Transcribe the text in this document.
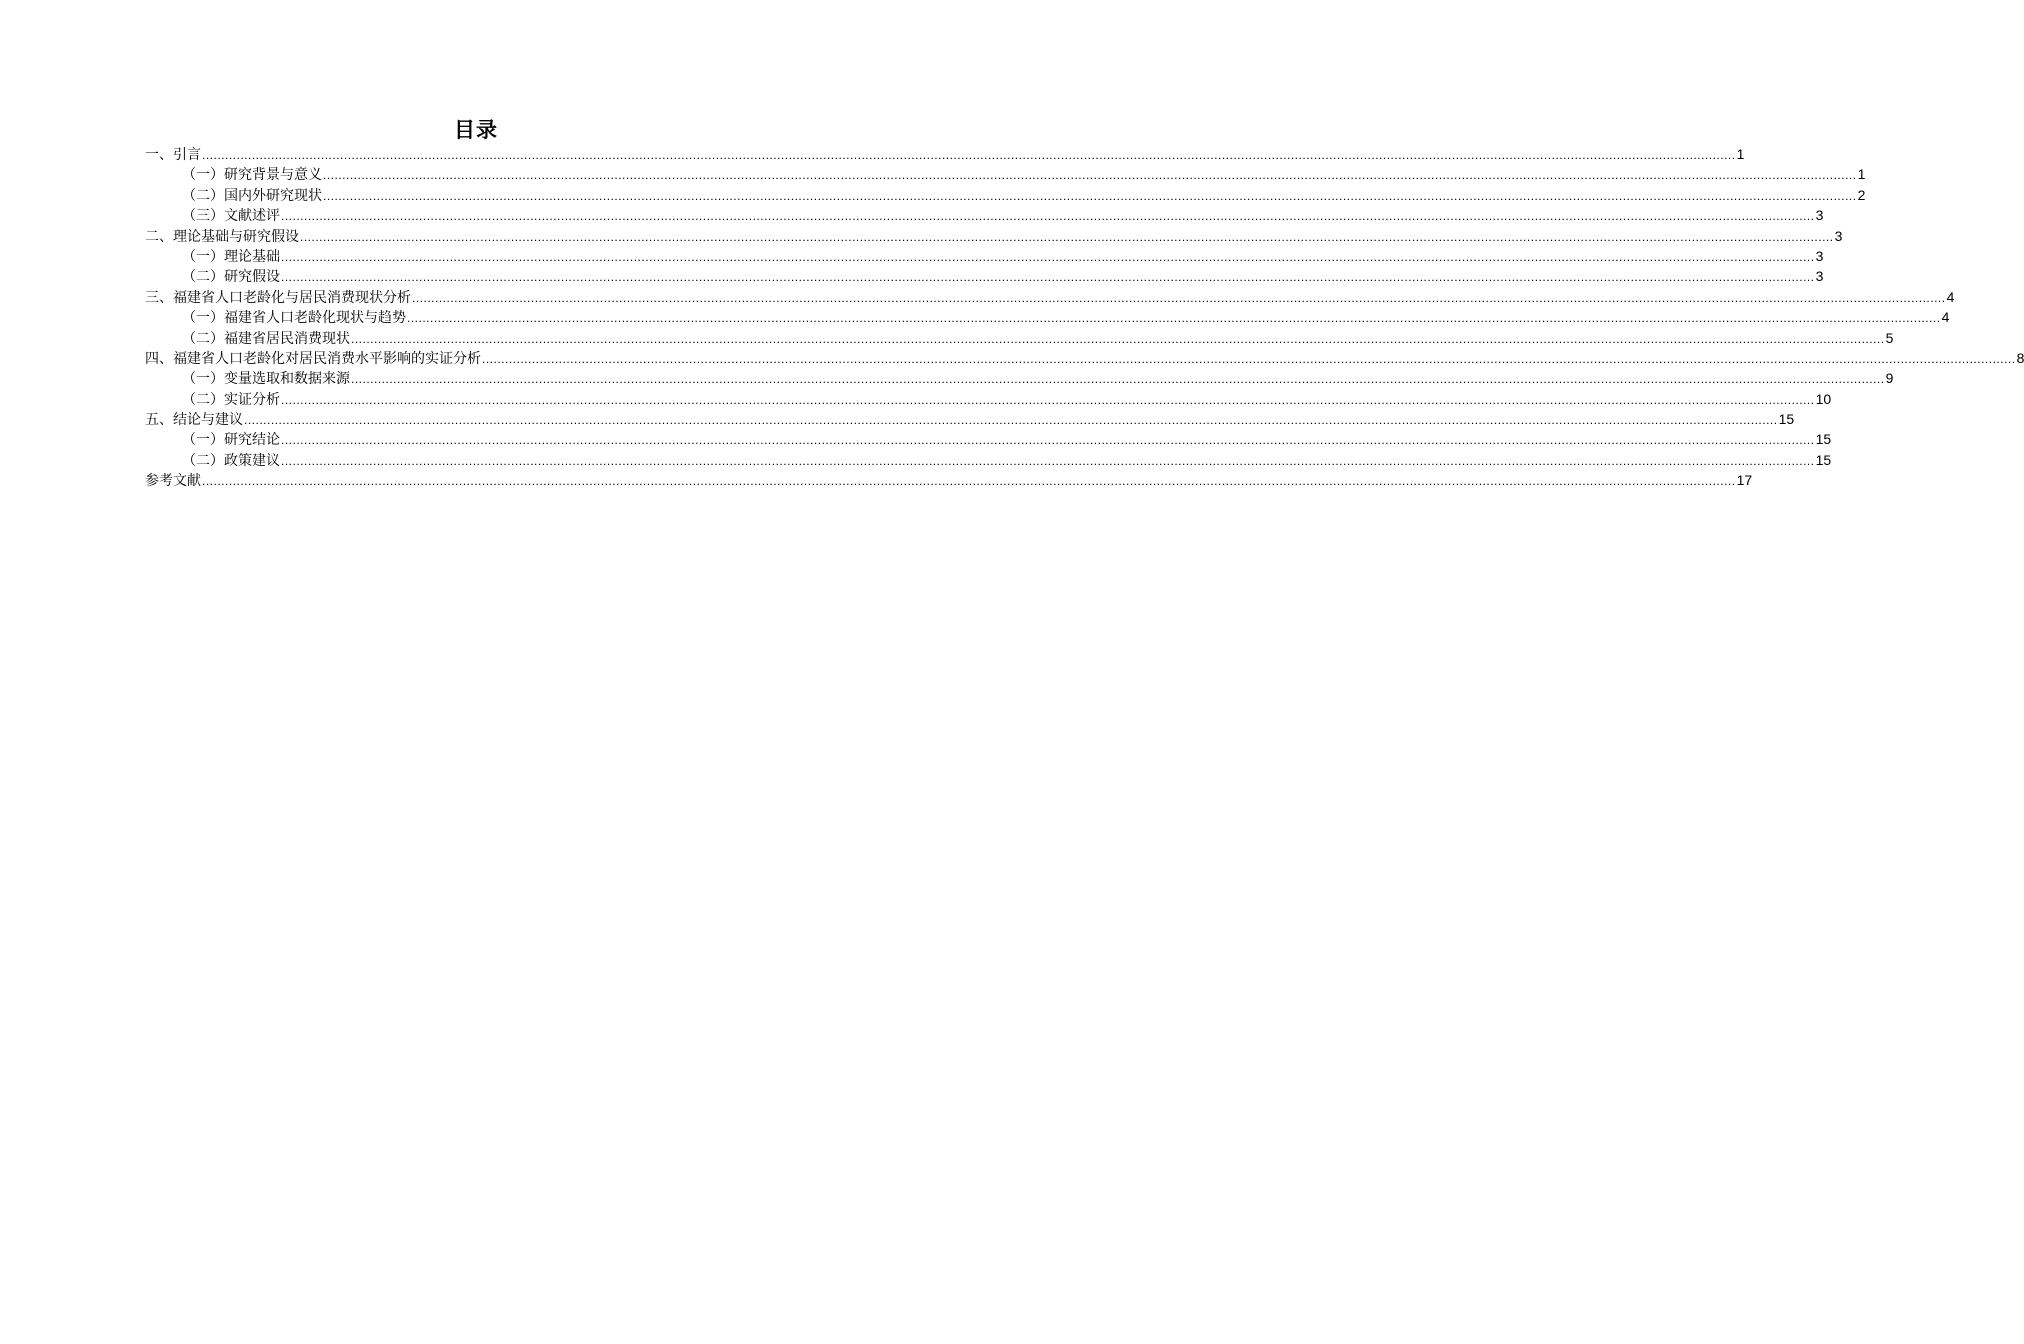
目录
一、引言 ................................................................................................................................................................................................................................................................................................................................................................................................................ 1
（一）研究背景与意义 ................................................................................................................................................................................................................................................................................................................................................................................................................ 1
（二）国内外研究现状 ................................................................................................................................................................................................................................................................................................................................................................................................................ 2
（三）文献述评 ................................................................................................................................................................................................................................................................................................................................................................................................................ 3
二、理论基础与研究假设 ................................................................................................................................................................................................................................................................................................................................................................................................................ 3
（一）理论基础 ................................................................................................................................................................................................................................................................................................................................................................................................................ 3
（二）研究假设 ................................................................................................................................................................................................................................................................................................................................................................................................................ 3
三、福建省人口老龄化与居民消费现状分析 ................................................................................................................................................................................................................................................................................................................................................................................................................ 4
（一）福建省人口老龄化现状与趋势 ................................................................................................................................................................................................................................................................................................................................................................................................................ 4
（二）福建省居民消费现状 ................................................................................................................................................................................................................................................................................................................................................................................................................ 5
四、福建省人口老龄化对居民消费水平影响的实证分析 ................................................................................................................................................................................................................................................................................................................................................................................................................ 8
（一）变量选取和数据来源 ................................................................................................................................................................................................................................................................................................................................................................................................................ 9
（二）实证分析 ................................................................................................................................................................................................................................................................................................................................................................................................................ 10
五、结论与建议 ................................................................................................................................................................................................................................................................................................................................................................................................................ 15
（一）研究结论 ................................................................................................................................................................................................................................................................................................................................................................................................................ 15
（二）政策建议 ................................................................................................................................................................................................................................................................................................................................................................................................................ 15
参考文献 ................................................................................................................................................................................................................................................................................................................................................................................................................ 17
